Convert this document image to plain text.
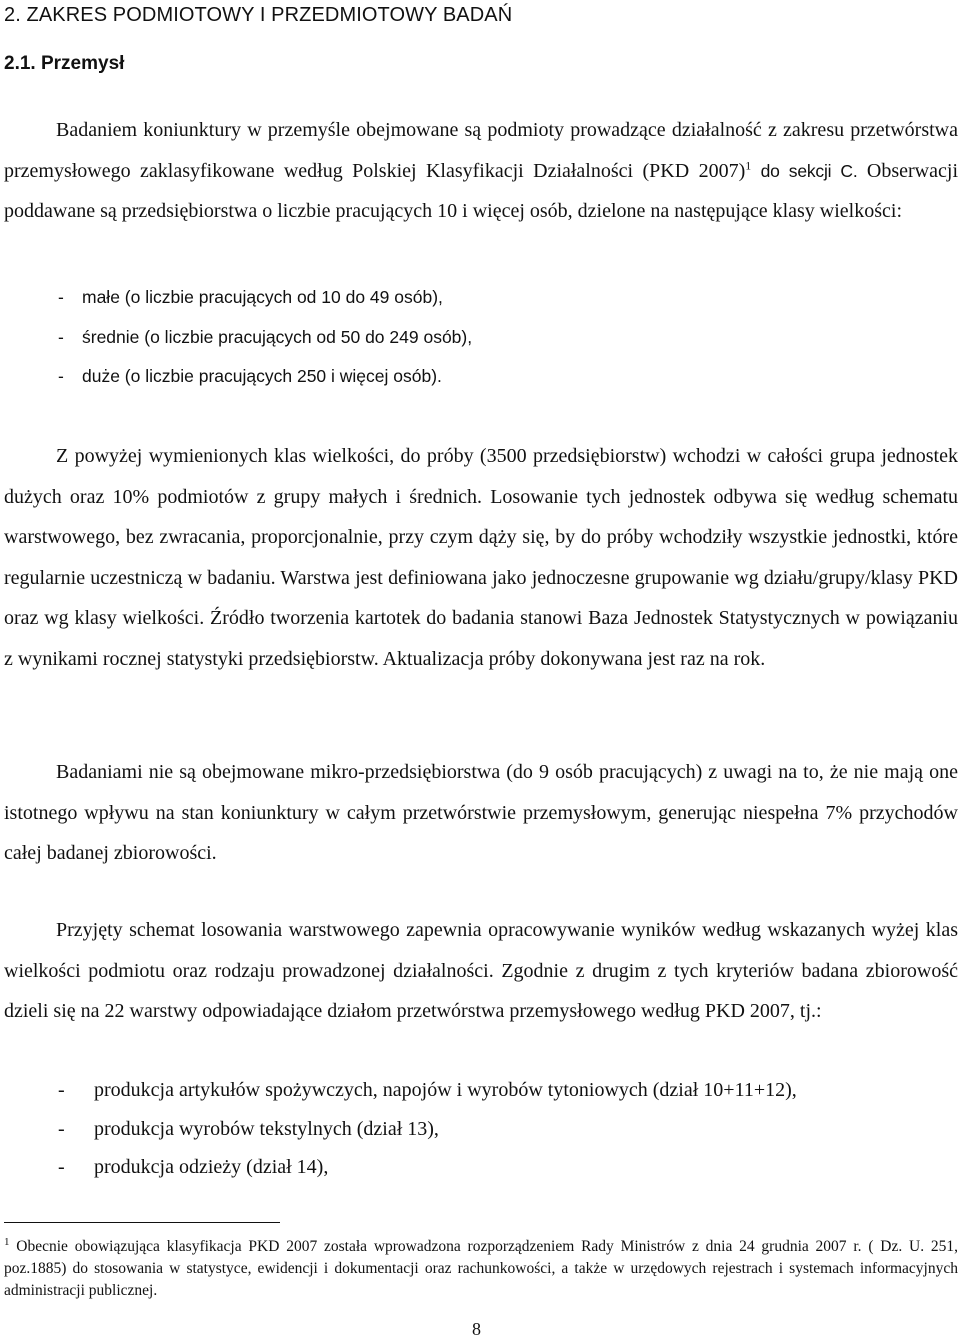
2. ZAKRES PODMIOTOWY I PRZEDMIOTOWY BADAŃ
2.1. Przemysł

Badaniem koniunktury w przemyśle obejmowane są podmioty prowadzące działalność z zakresu przetwórstwa przemysłowego zaklasyfikowane według Polskiej Klasyfikacji Działalności (PKD 2007)$^1$ do sekcji C. Obserwacji poddawane są przedsiębiorstwa o liczbie pracujących 10 i więcej osób, dzielone na następujące klasy wielkości:

-	małe (o liczbie pracujących od 10 do 49 osób),
-	średnie (o liczbie pracujących od 50 do 249 osób),
-	duże (o liczbie pracujących 250 i więcej osób).

Z powyżej wymienionych klas wielkości, do próby (3500 przedsiębiorstw) wchodzi w całości grupa jednostek dużych oraz 10% podmiotów z grupy małych i średnich. Losowanie tych jednostek odbywa się według schematu warstwowego, bez zwracania, proporcjonalnie, przy czym dąży się, by do próby wchodziły wszystkie jednostki, które regularnie uczestniczą w badaniu. Warstwa jest definiowana jako jednoczesne grupowanie wg działu/grupy/klasy PKD oraz wg klasy wielkości. Źródło tworzenia kartotek do badania stanowi Baza Jednostek Statystycznych w powiązaniu z wynikami rocznej statystyki przedsiębiorstw. Aktualizacja próby dokonywana jest raz na rok.

Badaniami nie są obejmowane mikro-przedsiębiorstwa (do 9 osób pracujących) z uwagi na to, że nie mają one istotnego wpływu na stan koniunktury w całym przetwórstwie przemysłowym, generując niespełna 7% przychodów całej badanej zbiorowości.

Przyjęty schemat losowania warstwowego zapewnia opracowywanie wyników według wskazanych wyżej klas wielkości podmiotu oraz rodzaju prowadzonej działalności. Zgodnie z drugim z tych kryteriów badana zbiorowość dzieli się na 22 warstwy odpowiadające działom przetwórstwa przemysłowego według PKD 2007, tj.:

-	produkcja artykułów spożywczych, napojów i wyrobów tytoniowych (dział 10+11+12),
-	produkcja wyrobów tekstylnych (dział 13),
-	produkcja odzieży (dział 14),

$^1$ Obecnie obowiązująca klasyfikacja PKD 2007 została wprowadzona rozporządzeniem Rady Ministrów z dnia 24 grudnia 2007 r. ( Dz. U. 251, poz.1885) do stosowania w statystyce, ewidencji i dokumentacji oraz rachunkowości, a także w urzędowych rejestrach i systemach informacyjnych administracji publicznej.

8
